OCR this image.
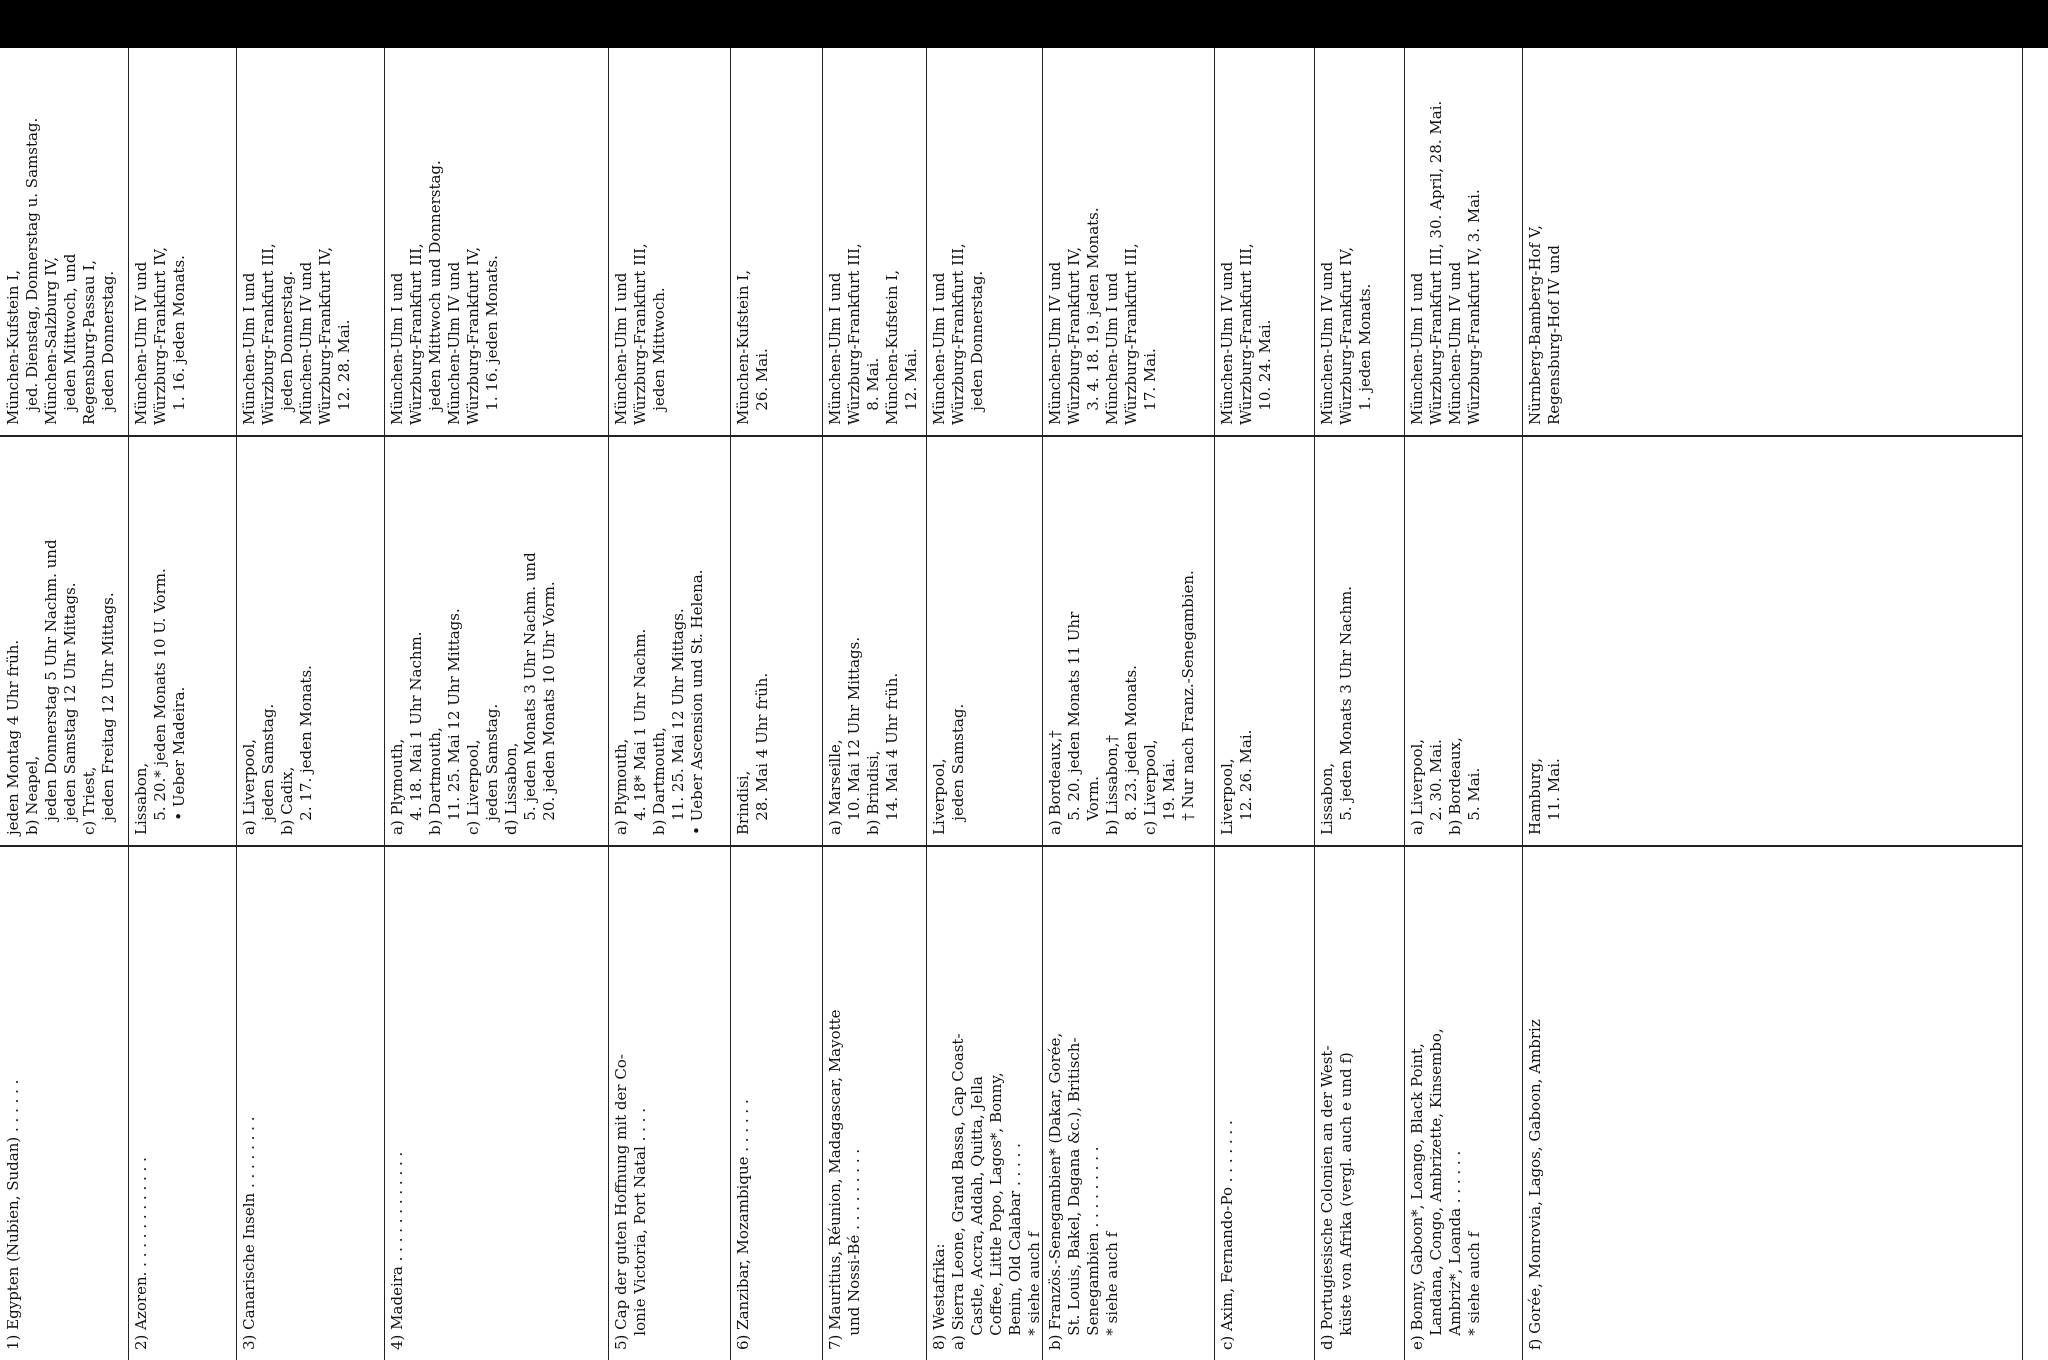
1) Egypten (Nubien, Sudan) . . . . . .
jeden Montag 4 Uhr früh. b) Neapel, jeden Donnerstag 5 Uhr Nachm. und jeden Samstag 12 Uhr Mittags. c) Triest, jeden Freitag 12 Uhr Mittags.
München-Kufstein I, jed. Dienstag, Donnerstag u. Samstag. München-Salzburg IV, jeden Mittwoch, und Regensburg-Passau I, jeden Donnerstag.
2) Azoren. . . . . . . . . . . . .
Lissabon, 5. 20.* jeden Monats 10 U. Vorm. • Ueber Madeira.
München-Ulm IV und Würzburg-Frankfurt IV, 1. 16. jeden Monats.
3) Canarische Inseln . . . . . . . .
a) Liverpool, jeden Samstag. b) Cadix, 2. 17. jeden Monats.
München-Ulm I und Würzburg-Frankfurt III, jeden Donnerstag. München-Ulm IV und Würzburg-Frankfurt IV, 12. 28. Mai.
4) Madeira . . . . . . . . . . . .
a) Plymouth, 4. 18. Mai 1 Uhr Nachm. b) Dartmouth, 11. 25. Mai 12 Uhr Mittags. c) Liverpool, jeden Samstag. d) Lissabon, 5. jeden Monats 3 Uhr Nachm. und 20. jeden Monats 10 Uhr Vorm.
München-Ulm I und Würzburg-Frankfurt III, jeden Mittwoch und Donnerstag. München-Ulm IV und Würzburg-Frankfurt IV, 1. 16. jeden Monats.
5) Cap der guten Hoffnung mit der Co- lonie Victoria, Port Natal . . . .
a) Plymouth, 4. 18* Mai 1 Uhr Nachm. b) Dartmouth, 11. 25. Mai 12 Uhr Mittags. • Ueber Ascension und St. Helena.
München-Ulm I und Würzburg-Frankfurt III, jeden Mittwoch.
6) Zanzibar, Mozambique . . . . . .
Brindisi, 28. Mai 4 Uhr früh.
München-Kufstein I, 26. Mai.
7) Mauritius, Réunion, Madagascar, Mayotte und Nossi-Bé . . . . . . . . .
a) Marseille, 10. Mai 12 Uhr Mittags. b) Brindisi, 14. Mai 4 Uhr früh.
München-Ulm I und Würzburg-Frankfurt III, 8. Mai. München-Kufstein I, 12. Mai.
8) Westafrika: a) Sierra Leone, Grand Bassa, Cap Coast- Castle, Accra, Addah, Quitta, Jella Coffee, Little Popo, Lagos*, Bonny, Benin, Old Calabar . . . . . * siehe auch f
Liverpool, jeden Samstag.
München-Ulm I und Würzburg-Frankfurt III, jeden Donnerstag.
b) Französ.-Senegambien* (Dakar, Gorée, St. Louis, Bakel, Dagana &c.), Britisch- Senegambien . . . . . . . . . * siehe auch f
a) Bordeaux,† 5. 20. jeden Monats 11 Uhr Vorm. b) Lissabon,† 8. 23. jeden Monats. c) Liverpool, 19. Mai. † Nur nach Franz.-Senegambien.
München-Ulm IV und Würzburg-Frankfurt IV, 3. 4. 18. 19. jeden Monats. München-Ulm I und Würzburg-Frankfurt III, 17. Mai.
c) Axim, Fernando-Po . . . . . . .
Liverpool, 12. 26. Mai.
München-Ulm IV und Würzburg-Frankfurt III, 10. 24. Mai.
d) Portugiesische Colonien an der West- küste von Afrika (vergl. auch e und f)
Lissabon, 5. jeden Monats 3 Uhr Nachm.
München-Ulm IV und Würzburg-Frankfurt IV, 1. jeden Monats.
e) Bonny, Gaboon*, Loango, Black Point, Landana, Congo, Ambrizette, Kinsembo, Ambriz*, Loanda . . . . . . * siehe auch f
a) Liverpool, 2. 30. Mai. b) Bordeaux, 5. Mai.
München-Ulm I und Würzburg-Frankfurt III, 30. April, 28. Mai. München-Ulm IV und Würzburg-Frankfurt IV, 3. Mai.
f) Gorée, Monrovia, Lagos, Gaboon, Ambriz
Hamburg, 11. Mai.
Nürnberg-Bamberg-Hof V, Regensburg-Hof IV und
